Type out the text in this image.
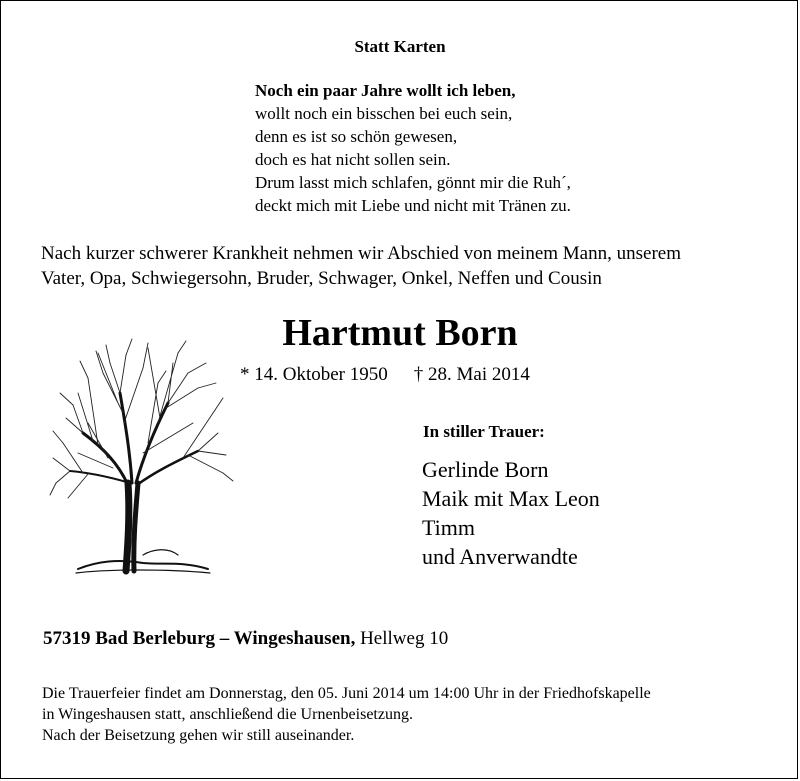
Statt Karten
Noch ein paar Jahre wollt ich leben,
wollt noch ein bisschen bei euch sein,
denn es ist so schön gewesen,
doch es hat nicht sollen sein.
Drum lasst mich schlafen, gönnt mir die Ruh´,
deckt mich mit Liebe und nicht mit Tränen zu.
Nach kurzer schwerer Krankheit nehmen wir Abschied von meinem Mann, unserem
Vater, Opa, Schwiegersohn, Bruder, Schwager, Onkel, Neffen und Cousin
Hartmut Born
* 14. Oktober 1950 † 28. Mai 2014
In stiller Trauer:
Gerlinde Born
Maik mit Max Leon
Timm
und Anverwandte
57319 Bad Berleburg – Wingeshausen, Hellweg 10
Die Trauerfeier findet am Donnerstag, den 05. Juni 2014 um 14:00 Uhr in der Friedhofskapelle
in Wingeshausen statt, anschließend die Urnenbeisetzung.
Nach der Beisetzung gehen wir still auseinander.
